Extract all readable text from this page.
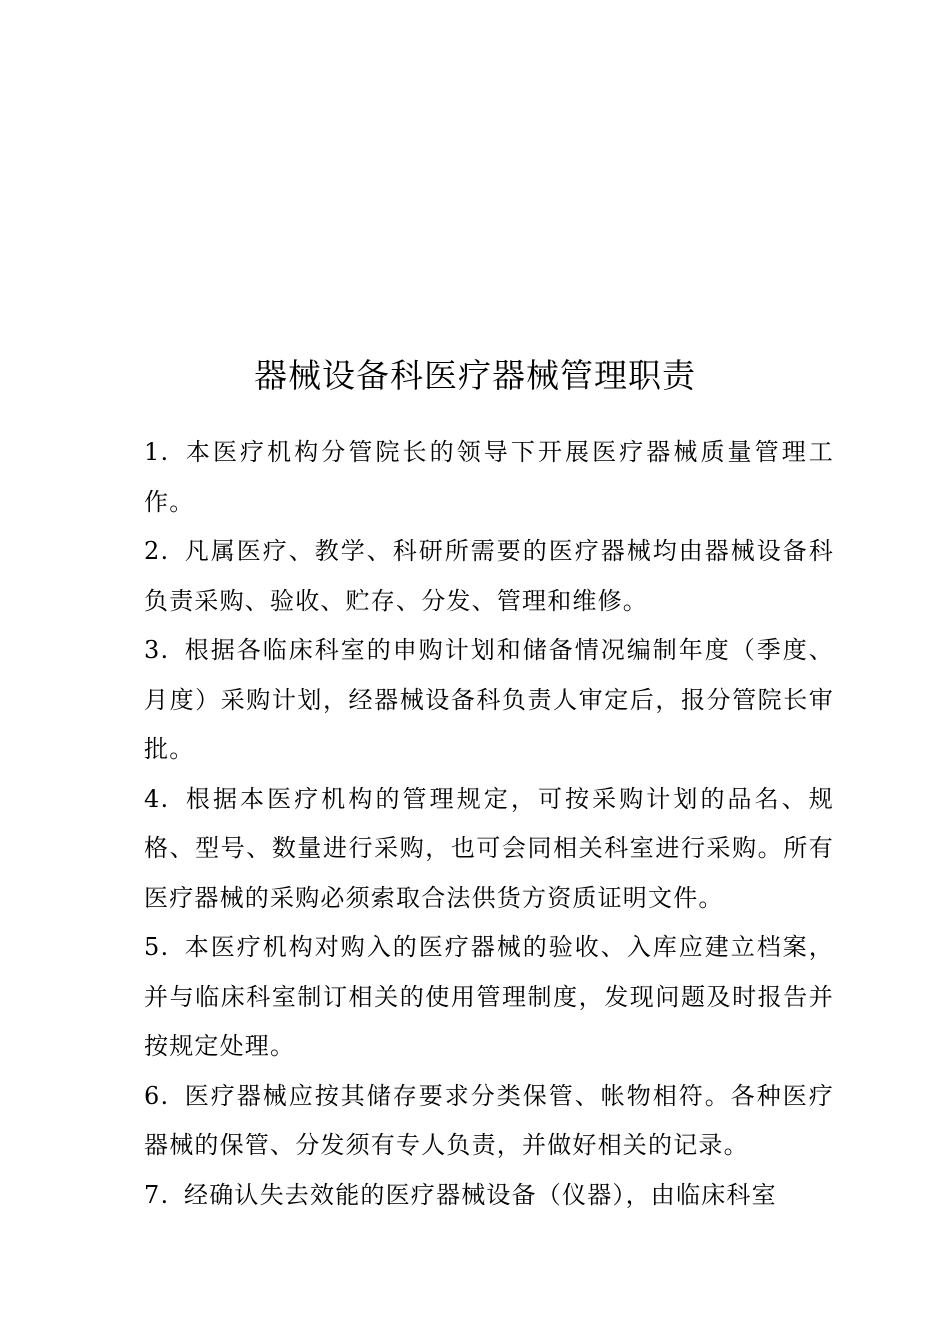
器械设备科医疗器械管理职责

1. 本医疗机构分管院长的领导下开展医疗器械质量管理工作。

2. 凡属医疗、教学、科研所需要的医疗器械均由器械设备科负责采购、验收、贮存、分发、管理和维修。

3. 根据各临床科室的申购计划和储备情况编制年度（季度、月度）采购计划，经器械设备科负责人审定后，报分管院长审批。

4. 根据本医疗机构的管理规定，可按采购计划的品名、规格、型号、数量进行采购，也可会同相关科室进行采购。所有医疗器械的采购必须索取合法供货方资质证明文件。

5. 本医疗机构对购入的医疗器械的验收、入库应建立档案，并与临床科室制订相关的使用管理制度，发现问题及时报告并按规定处理。

6. 医疗器械应按其储存要求分类保管、帐物相符。各种医疗器械的保管、分发须有专人负责，并做好相关的记录。

7. 经确认失去效能的医疗器械设备（仪器），由临床科室
